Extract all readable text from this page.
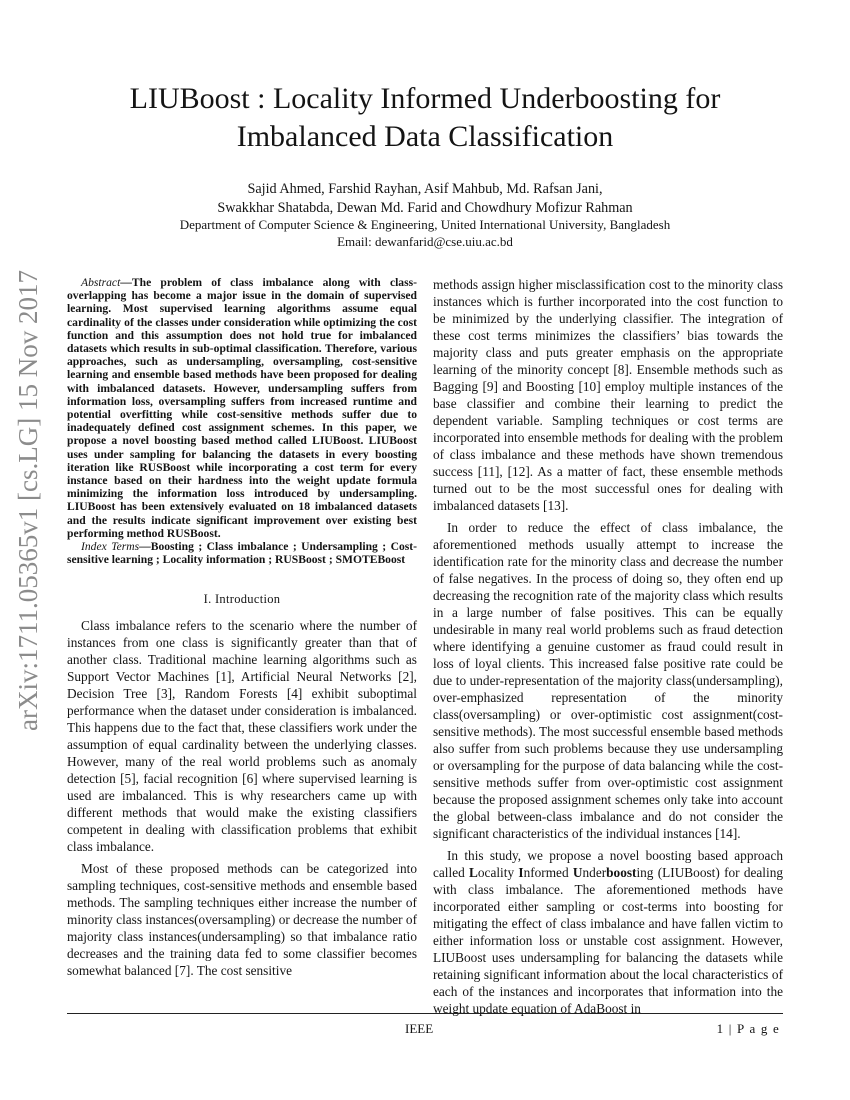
arXiv:1711.05365v1 [cs.LG] 15 Nov 2017
LIUBoost : Locality Informed Underboosting for
Imbalanced Data Classification
Sajid Ahmed, Farshid Rayhan, Asif Mahbub, Md. Rafsan Jani,
Swakkhar Shatabda, Dewan Md. Farid and Chowdhury Mofizur Rahman
Department of Computer Science & Engineering, United International University, Bangladesh
Email: dewanfarid@cse.uiu.ac.bd

Abstract—The problem of class imbalance along with class-overlapping has become a major issue in the domain of supervised learning. Most supervised learning algorithms assume equal cardinality of the classes under consideration while optimizing the cost function and this assumption does not hold true for imbalanced datasets which results in sub-optimal classification. Therefore, various approaches, such as undersampling, oversampling, cost-sensitive learning and ensemble based methods have been proposed for dealing with imbalanced datasets. However, undersampling suffers from information loss, oversampling suffers from increased runtime and potential overfitting while cost-sensitive methods suffer due to inadequately defined cost assignment schemes. In this paper, we propose a novel boosting based method called LIUBoost. LIUBoost uses under sampling for balancing the datasets in every boosting iteration like RUSBoost while incorporating a cost term for every instance based on their hardness into the weight update formula minimizing the information loss introduced by undersampling. LIUBoost has been extensively evaluated on 18 imbalanced datasets and the results indicate significant improvement over existing best performing method RUSBoost.

Index Terms—Boosting ; Class imbalance ; Undersampling ; Cost-sensitive learning ; Locality information ; RUSBoost ; SMOTEBoost

I. Introduction

Class imbalance refers to the scenario where the number of instances from one class is significantly greater than that of another class. Traditional machine learning algorithms such as Support Vector Machines [1], Artificial Neural Networks [2], Decision Tree [3], Random Forests [4] exhibit suboptimal performance when the dataset under consideration is imbalanced. This happens due to the fact that, these classifiers work under the assumption of equal cardinality between the underlying classes. However, many of the real world problems such as anomaly detection [5], facial recognition [6] where supervised learning is used are imbalanced. This is why researchers came up with different methods that would make the existing classifiers competent in dealing with classification problems that exhibit class imbalance.

Most of these proposed methods can be categorized into sampling techniques, cost-sensitive methods and ensemble based methods. The sampling techniques either increase the number of minority class instances(oversampling) or decrease the number of majority class instances(undersampling) so that imbalance ratio decreases and the training data fed to some classifier becomes somewhat balanced [7]. The cost sensitive

methods assign higher misclassification cost to the minority class instances which is further incorporated into the cost function to be minimized by the underlying classifier. The integration of these cost terms minimizes the classifiers’ bias towards the majority class and puts greater emphasis on the appropriate learning of the minority concept [8]. Ensemble methods such as Bagging [9] and Boosting [10] employ multiple instances of the base classifier and combine their learning to predict the dependent variable. Sampling techniques or cost terms are incorporated into ensemble methods for dealing with the problem of class imbalance and these methods have shown tremendous success [11], [12]. As a matter of fact, these ensemble methods turned out to be the most successful ones for dealing with imbalanced datasets [13].

In order to reduce the effect of class imbalance, the aforementioned methods usually attempt to increase the identification rate for the minority class and decrease the number of false negatives. In the process of doing so, they often end up decreasing the recognition rate of the majority class which results in a large number of false positives. This can be equally undesirable in many real world problems such as fraud detection where identifying a genuine customer as fraud could result in loss of loyal clients. This increased false positive rate could be due to under-representation of the majority class(undersampling), over-emphasized representation of the minority class(oversampling) or over-optimistic cost assignment(cost-sensitive methods). The most successful ensemble based methods also suffer from such problems because they use undersampling or oversampling for the purpose of data balancing while the cost-sensitive methods suffer from over-optimistic cost assignment because the proposed assignment schemes only take into account the global between-class imbalance and do not consider the significant characteristics of the individual instances [14].

In this study, we propose a novel boosting based approach called Locality Informed Underboosting (LIUBoost) for dealing with class imbalance. The aforementioned methods have incorporated either sampling or cost-terms into boosting for mitigating the effect of class imbalance and have fallen victim to either information loss or unstable cost assignment. However, LIUBoost uses undersampling for balancing the datasets while retaining significant information about the local characteristics of each of the instances and incorporates that information into the weight update equation of AdaBoost in

IEEE	1 | P a g e
